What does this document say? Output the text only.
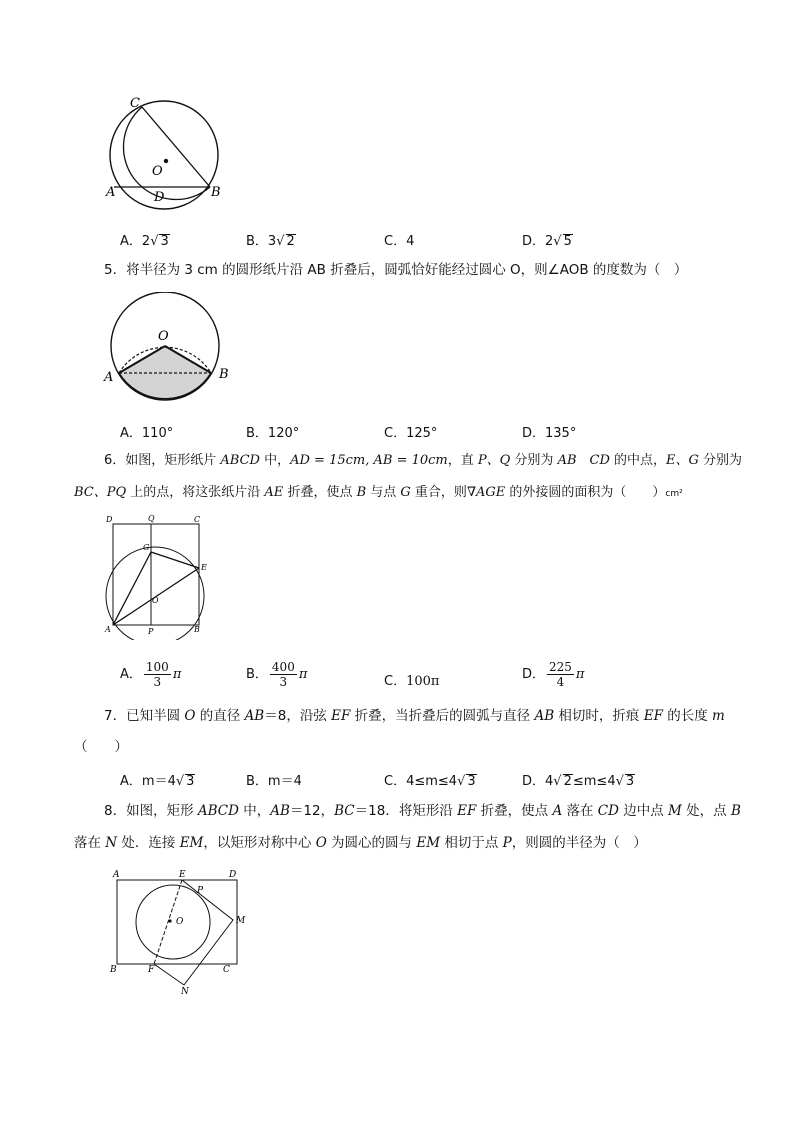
C
O
A	D	B
A．2√ 3	B．3√ 2	C．4	D．2√ 5
5．将半径为 3 cm 的圆形纸片沿 AB 折叠后，圆弧恰好能经过圆心 O，则∠AOB 的度数为（　）
O
A	B
A．110°	B．120°	C．125°	D．135°
6．如图，矩形纸片 ABCD 中，AD = 15cm, AB = 10cm，直 P、Q 分别为 AB　CD 的中点，E、G 分别为
BC、PQ 上的点，将这张纸片沿 AE 折叠，使点 B 与点 G 重合，则∇AGE 的外接圆的面积为（　　）cm²
D	Q	C
G
E
O
A	P	B
A． $\frac{100}{3}$ π	B． $\frac{400}{3}$ π	C．100π	D． $\frac{225}{4}$ π
7．已知半圆 O 的直径 AB＝8，沿弦 EF 折叠，当折叠后的圆弧与直径 AB 相切时，折痕 EF 的长度 m
（　　）
A．m＝4√ 3	B．m＝4	C．4≤m≤4√ 3	D．4√ 2≤m≤4√ 3
8．如图，矩形 ABCD 中，AB＝12，BC＝18．将矩形沿 EF 折叠，使点 A 落在 CD 边中点 M 处，点 B
落在 N 处．连接 EM，以矩形对称中心 O 为圆心的圆与 EM 相切于点 P，则圆的半径为（　）
A	E
P
D
O	M
B	F	C
N
